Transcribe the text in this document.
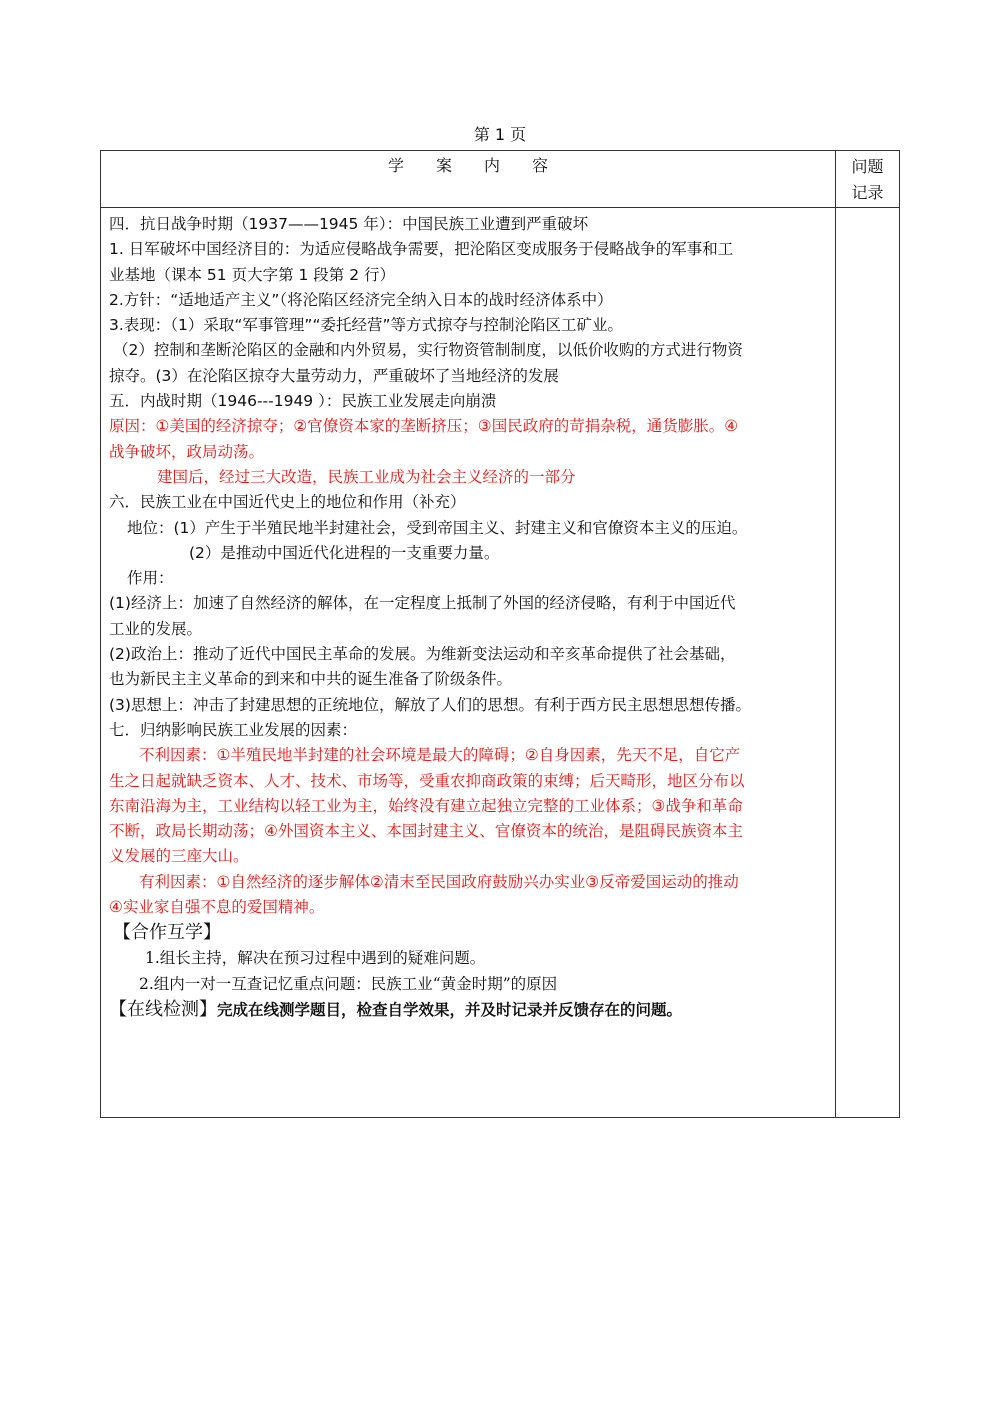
第 1 页
学 案 内 容	问题
记录

四．抗日战争时期（1937——1945 年）：中国民族工业遭到严重破坏
1. 日军破坏中国经济目的：为适应侵略战争需要，把沦陷区变成服务于侵略战争的军事和工
业基地（课本 51 页大字第 1 段第 2 行）
2.方针：“适地适产主义”（将沦陷区经济完全纳入日本的战时经济体系中）
3.表现：（1）采取“军事管理”“委托经营”等方式掠夺与控制沦陷区工矿业。
（2）控制和垄断沦陷区的金融和内外贸易，实行物资管制制度，以低价收购的方式进行物资
掠夺。(3）在沦陷区掠夺大量劳动力，严重破坏了当地经济的发展
五．内战时期（1946---1949 ）：民族工业发展走向崩溃
原因：①美国的经济掠夺；②官僚资本家的垄断挤压；③国民政府的苛捐杂税，通货膨胀。④
战争破坏，政局动荡。
建国后，经过三大改造，民族工业成为社会主义经济的一部分
六．民族工业在中国近代史上的地位和作用（补充）
地位：(1）产生于半殖民地半封建社会，受到帝国主义、封建主义和官僚资本主义的压迫。
(2）是推动中国近代化进程的一支重要力量。
作用：
(1)经济上：加速了自然经济的解体，在一定程度上抵制了外国的经济侵略，有利于中国近代
工业的发展。
(2)政治上：推动了近代中国民主革命的发展。为维新变法运动和辛亥革命提供了社会基础，
也为新民主主义革命的到来和中共的诞生准备了阶级条件。
(3)思想上：冲击了封建思想的正统地位，解放了人们的思想。有利于西方民主思想思想传播。
七．归纳影响民族工业发展的因素：
不利因素：①半殖民地半封建的社会环境是最大的障碍；②自身因素，先天不足，自它产
生之日起就缺乏资本、人才、技术、市场等，受重农抑商政策的束缚；后天畸形，地区分布以
东南沿海为主，工业结构以轻工业为主，始终没有建立起独立完整的工业体系；③战争和革命
不断，政局长期动荡；④外国资本主义、本国封建主义、官僚资本的统治，是阻碍民族资本主
义发展的三座大山。
有利因素：①自然经济的逐步解体②清末至民国政府鼓励兴办实业③反帝爱国运动的推动
④实业家自强不息的爱国精神。
【合作互学】
1.组长主持，解决在预习过程中遇到的疑难问题。
2.组内一对一互查记忆重点问题：民族工业“黄金时期”的原因
【在线检测】完成在线测学题目，检查自学效果，并及时记录并反馈存在的问题。
